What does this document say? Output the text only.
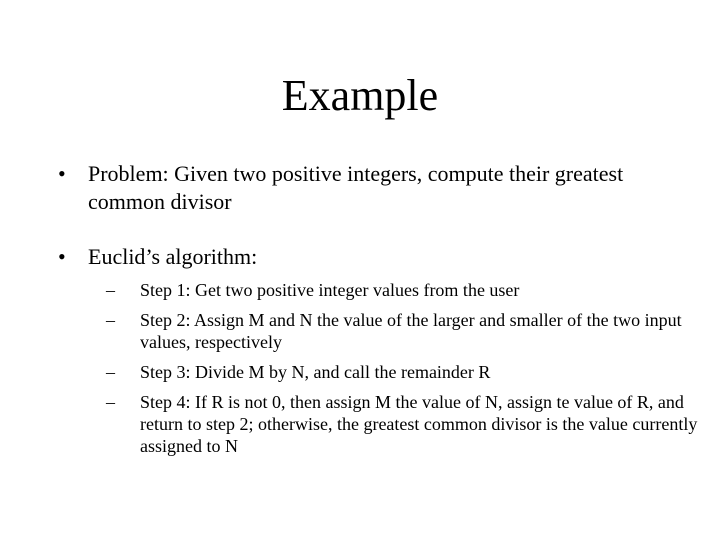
Example
•	Problem: Given two positive integers, compute their greatest common divisor
•	Euclid’s algorithm:
–	Step 1: Get two positive integer values from the user
–	Step 2: Assign M and N the value of the larger and smaller of the two input values, respectively
–	Step 3: Divide M by N, and call the remainder R
–	Step 4: If R is not 0, then assign M the value of N, assign te value of R, and return to step 2; otherwise, the greatest common divisor is the value currently assigned to N
